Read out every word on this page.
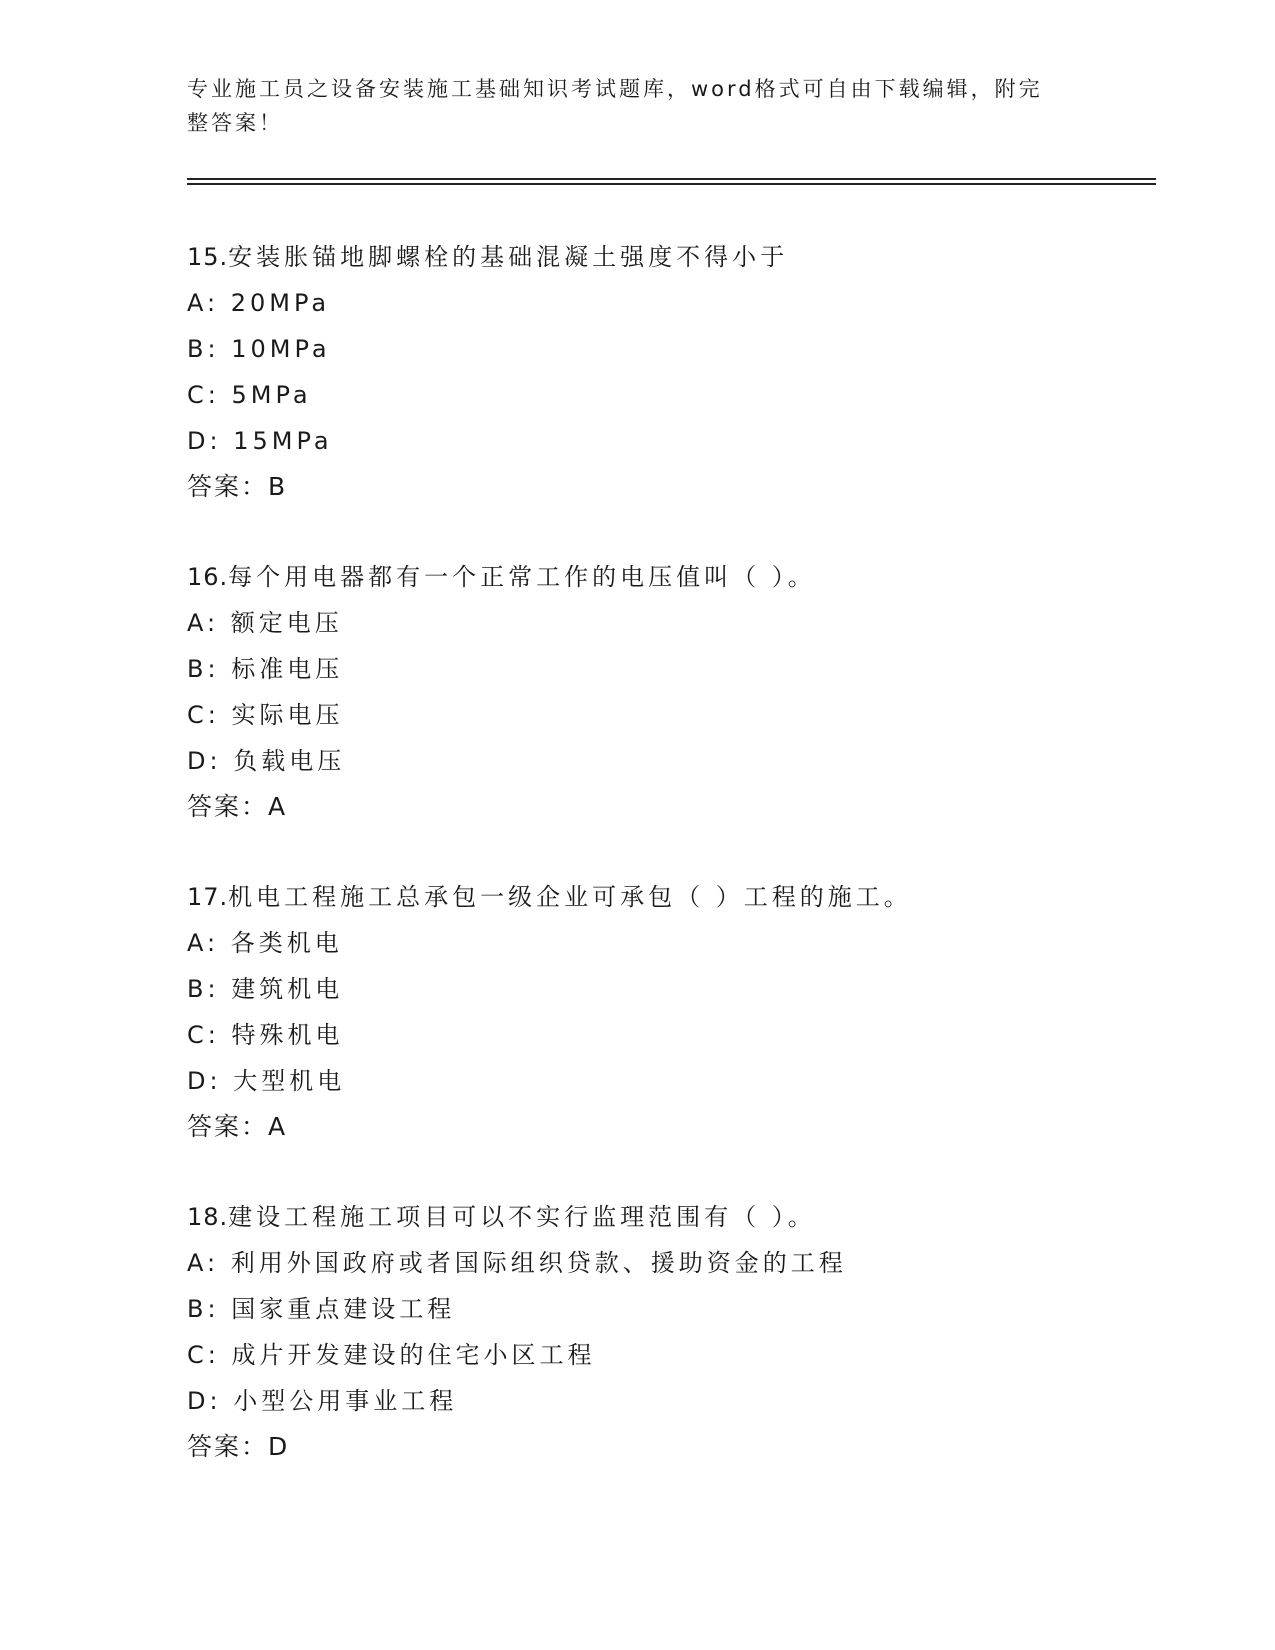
专业施工员之设备安装施工基础知识考试题库，word格式可自由下载编辑，附完
整答案！
15.安装胀锚地脚螺栓的基础混凝土强度不得小于
A: 20MPa
B: 10MPa
C: 5MPa
D: 15MPa
答案：B
16.每个用电器都有一个正常工作的电压值叫（ ）。
A: 额定电压
B: 标准电压
C: 实际电压
D: 负载电压
答案：A
17.机电工程施工总承包一级企业可承包（ ）工程的施工。
A: 各类机电
B: 建筑机电
C: 特殊机电
D: 大型机电
答案：A
18.建设工程施工项目可以不实行监理范围有（ ）。
A: 利用外国政府或者国际组织贷款、援助资金的工程
B: 国家重点建设工程
C: 成片开发建设的住宅小区工程
D: 小型公用事业工程
答案：D
